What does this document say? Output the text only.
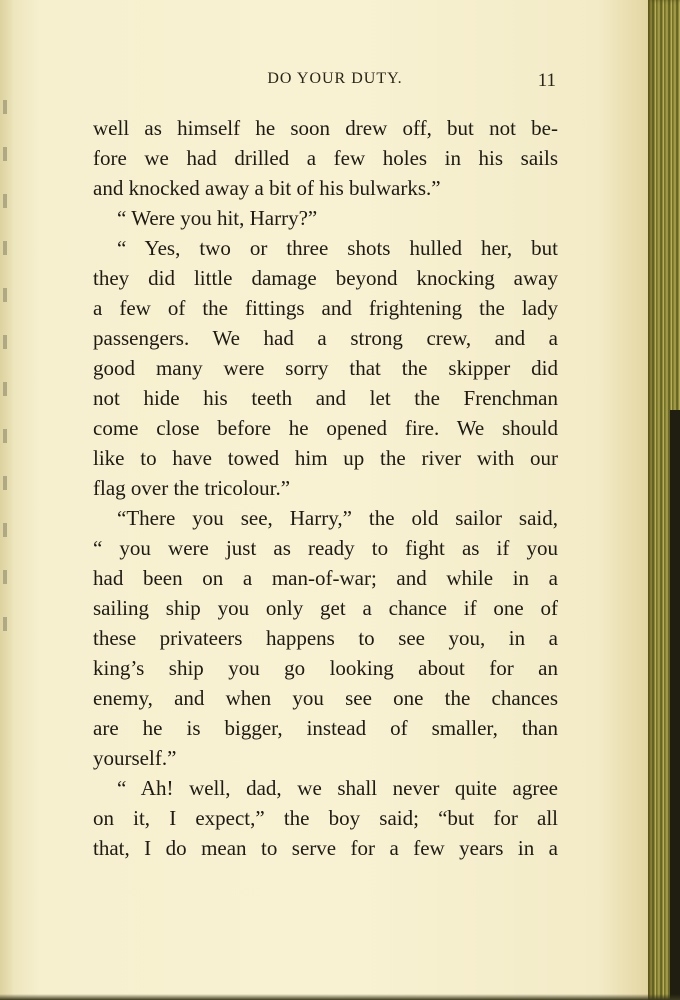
DO YOUR DUTY.	11
well as himself he soon drew off, but not be-
fore we had drilled a few holes in his sails
and knocked away a bit of his bulwarks.”
“ Were you hit, Harry?”
“ Yes, two or three shots hulled her, but
they did little damage beyond knocking away
a few of the fittings and frightening the lady
passengers. We had a strong crew, and a
good many were sorry that the skipper did
not hide his teeth and let the Frenchman
come close before he opened fire. We should
like to have towed him up the river with our
flag over the tricolour.”
“There you see, Harry,” the old sailor said,
“ you were just as ready to fight as if you
had been on a man-of-war; and while in a
sailing ship you only get a chance if one of
these privateers happens to see you, in a
king’s ship you go looking about for an
enemy, and when you see one the chances
are he is bigger, instead of smaller, than
yourself.”
“ Ah! well, dad, we shall never quite agree
on it, I expect,” the boy said; “but for all
that, I do mean to serve for a few years in a
